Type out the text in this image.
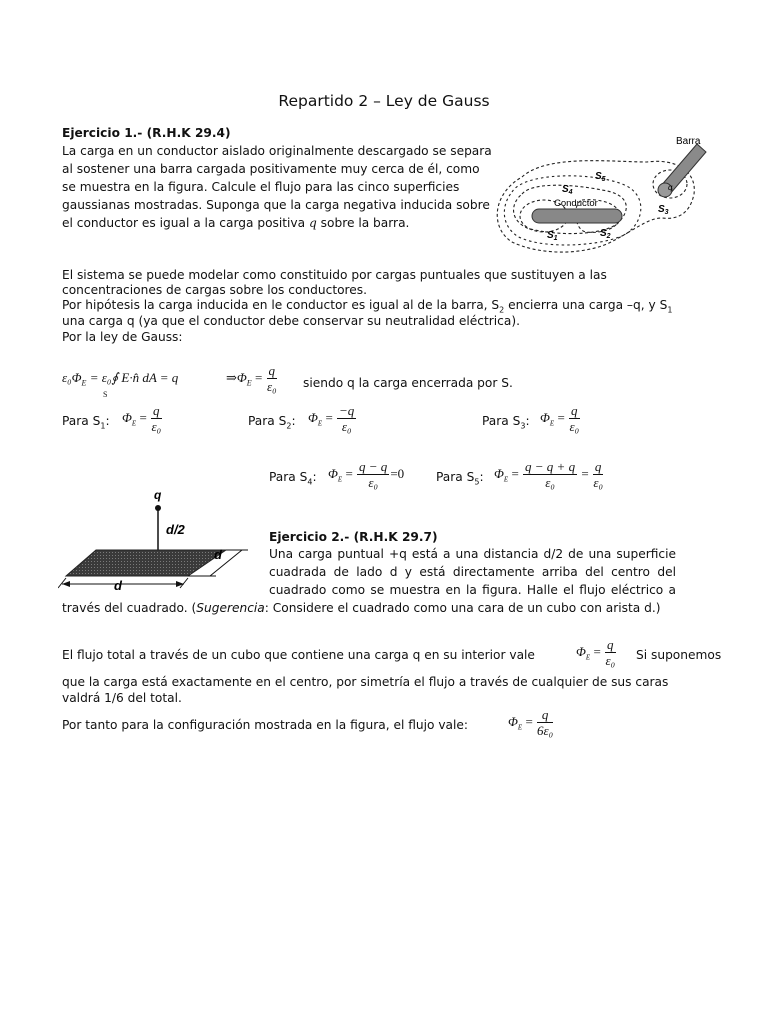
Repartido 2 – Ley de Gauss
Ejercicio 1.- (R.H.K 29.4)
La carga en un conductor aislado originalmente descargado se separa
al sostener una barra cargada positivamente muy cerca de él, como
se muestra en la figura. Calcule el flujo para las cinco superficies
gaussianas mostradas. Suponga que la carga negativa inducida sobre
el conductor es igual a la carga positiva q sobre la barra.
Conductor
Barra
q
$S_5$
$S_4$
$S_1$	$S_2$
$S_3$
El sistema se puede modelar como constituido por cargas puntuales que sustituyen a las
concentraciones de cargas sobre los conductores.
Por hipótesis la carga inducida en le conductor es igual al de la barra, $S_2$ encierra una carga –q, y $S_1$
una carga q (ya que el conductor debe conservar su neutralidad eléctrica).
Por la ley de Gauss:
$\varepsilon_0\Phi_E$ = ε₀∮ E·n̂ dA = q
S
$\Rightarrow\Phi_E = \frac{q}{\text{ε₀}}$ siendo q la carga encerrada por S.
Para $S_1$: $\Phi_E = \frac{q}{\text{ε₀}}$	Para $S_2$: $\Phi_E = \frac{-q}{\text{ε₀}}$	Para $S_3$: $\Phi_E = \frac{q}{\text{ε₀}}$
Para $S_4$: $\Phi_E = \frac{q - q}{\text{ε₀}} =0$	Para $S_5$: $\Phi_E = \frac{q - q + q}{\text{ε₀}} = \frac{q}{\text{ε₀}}$
q
d/2
d
d
Ejercicio 2.- (R.H.K 29.7)
Una carga puntual +q está a una distancia d/2 de una superficie
cuadrada de lado d y está directamente arriba del centro del
cuadrado como se muestra en la figura. Halle el flujo eléctrico a
través del cuadrado. (Sugerencia: Considere el cuadrado como una cara de un cubo con arista d.)
El flujo total a través de un cubo que contiene una carga q en su interior vale	$\Phi_E = \frac{q}{\text{ε₀}}$ Si suponemos
que la carga está exactamente en el centro, por simetría el flujo a través de cualquier de sus caras
valdrá 1/6 del total.
Por tanto para la configuración mostrada en la figura, el flujo vale:	$\Phi_E = \frac{q}{\text{6ε₀}}$
